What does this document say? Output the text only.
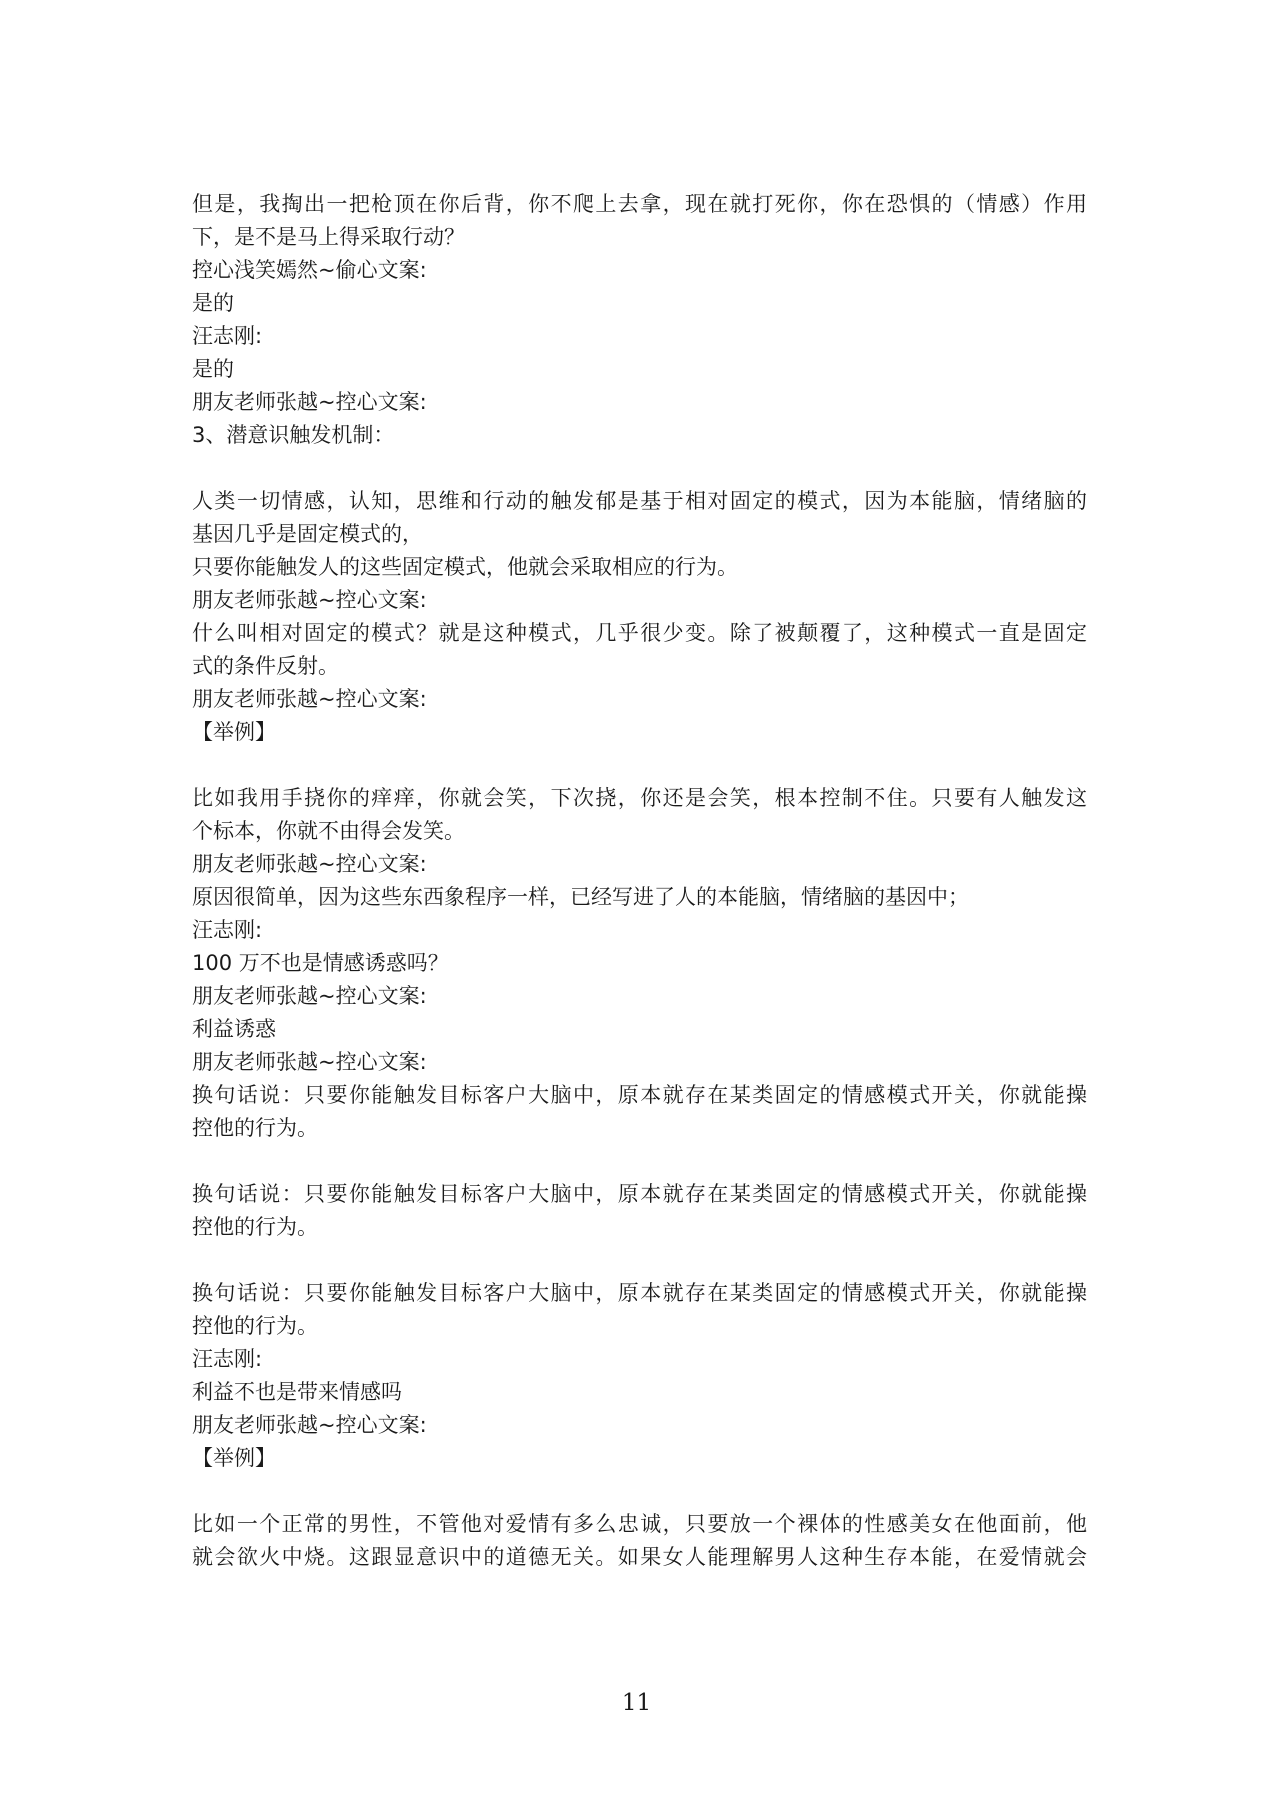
但是，我掏出一把枪顶在你后背，你不爬上去拿，现在就打死你，你在恐惧的（情感）作用
下，是不是马上得采取行动？
控心浅笑嫣然~偷心文案:
是的
汪志刚:
是的
朋友老师张越~控心文案:
3、潜意识触发机制：
人类一切情感，认知，思维和行动的触发郁是基于相对固定的模式，因为本能脑，情绪脑的
基因几乎是固定模式的，
只要你能触发人的这些固定模式，他就会采取相应的行为。
朋友老师张越~控心文案:
什么叫相对固定的模式？就是这种模式，几乎很少变。除了被颠覆了，这种模式一直是固定
式的条件反射。
朋友老师张越~控心文案:
【举例】
比如我用手挠你的痒痒，你就会笑，下次挠，你还是会笑，根本控制不住。只要有人触发这
个标本，你就不由得会发笑。
朋友老师张越~控心文案:
原因很简单，因为这些东西象程序一样，已经写进了人的本能脑，情绪脑的基因中；
汪志刚:
100 万不也是情感诱惑吗？
朋友老师张越~控心文案:
利益诱惑
朋友老师张越~控心文案:
换句话说：只要你能触发目标客户大脑中，原本就存在某类固定的情感模式开关，你就能操
控他的行为。
换句话说：只要你能触发目标客户大脑中，原本就存在某类固定的情感模式开关，你就能操
控他的行为。
换句话说：只要你能触发目标客户大脑中，原本就存在某类固定的情感模式开关，你就能操
控他的行为。
汪志刚:
利益不也是带来情感吗
朋友老师张越~控心文案:
【举例】
比如一个正常的男性，不管他对爱情有多么忠诚，只要放一个裸体的性感美女在他面前，他
就会欲火中烧。这跟显意识中的道德无关。如果女人能理解男人这种生存本能，在爱情就会
11
